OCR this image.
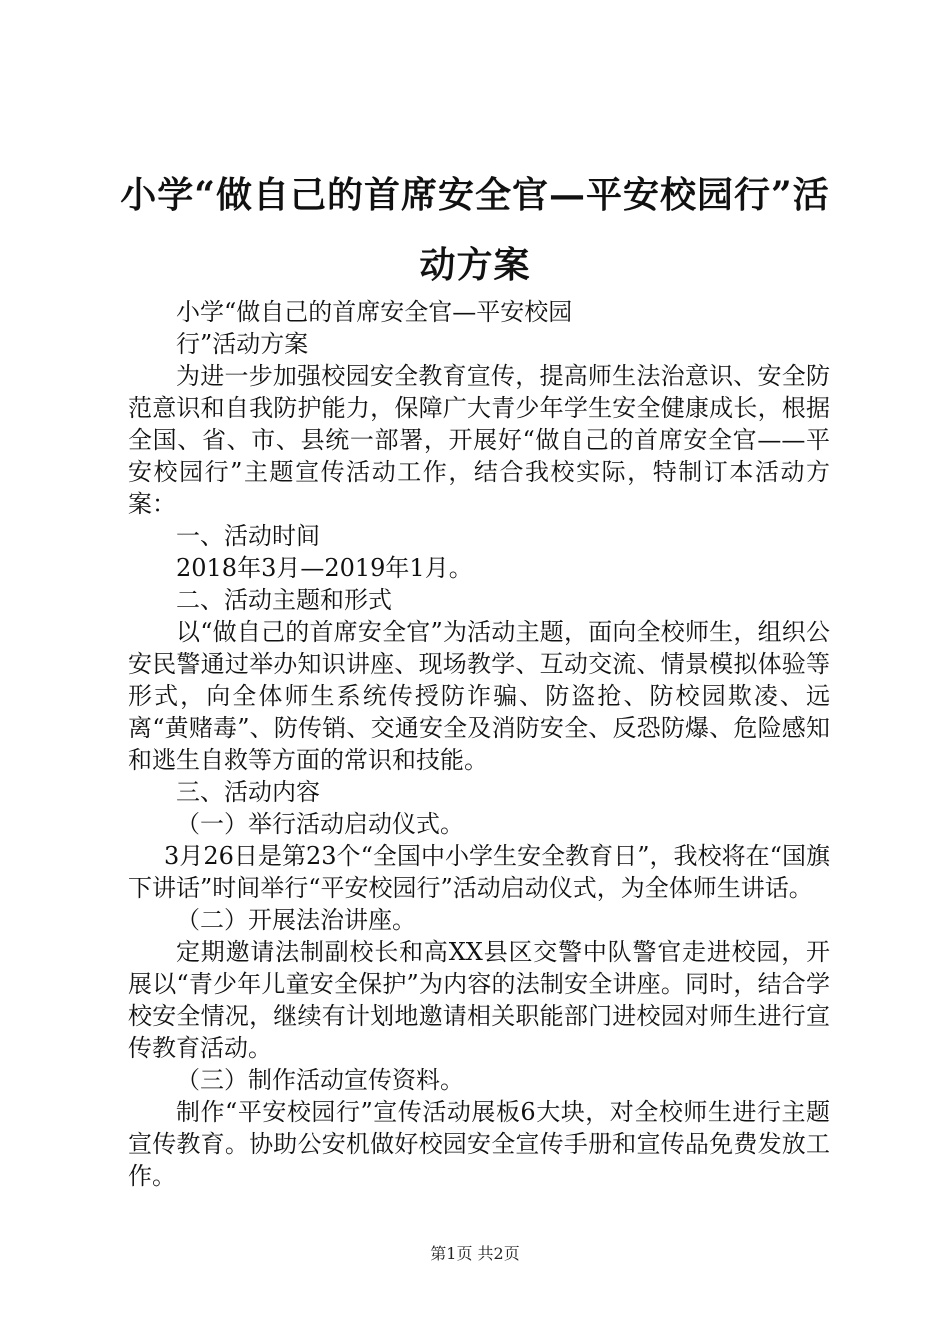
小学“做自己的首席安全官—平安校园行”活动方案

小学“做自己的首席安全官—平安校园

行”活动方案

为进一步加强校园安全教育宣传，提高师生法治意识、安全防范意识和自我防护能力，保障广大青少年学生安全健康成长，根据全国、省、市、县统一部署，开展好“做自己的首席安全官——平安校园行”主题宣传活动工作，结合我校实际，特制订本活动方案：

一、活动时间

2018年3月—2019年1月。

二、活动主题和形式

以“做自己的首席安全官”为活动主题，面向全校师生，组织公安民警通过举办知识讲座、现场教学、互动交流、情景模拟体验等形式，向全体师生系统传授防诈骗、防盗抢、防校园欺凌、远离“黄赌毒”、防传销、交通安全及消防安全、反恐防爆、危险感知和逃生自救等方面的常识和技能。

三、活动内容

（一）举行活动启动仪式。

3月26日是第23个“全国中小学生安全教育日”，我校将在“国旗下讲话”时间举行“平安校园行”活动启动仪式，为全体师生讲话。

（二）开展法治讲座。

定期邀请法制副校长和高XX县区交警中队警官走进校园，开展以“青少年儿童安全保护”为内容的法制安全讲座。同时，结合学校安全情况，继续有计划地邀请相关职能部门进校园对师生进行宣传教育活动。

（三）制作活动宣传资料。

制作“平安校园行”宣传活动展板6大块，对全校师生进行主题宣传教育。协助公安机做好校园安全宣传手册和宣传品免费发放工作。

第1页 共2页
